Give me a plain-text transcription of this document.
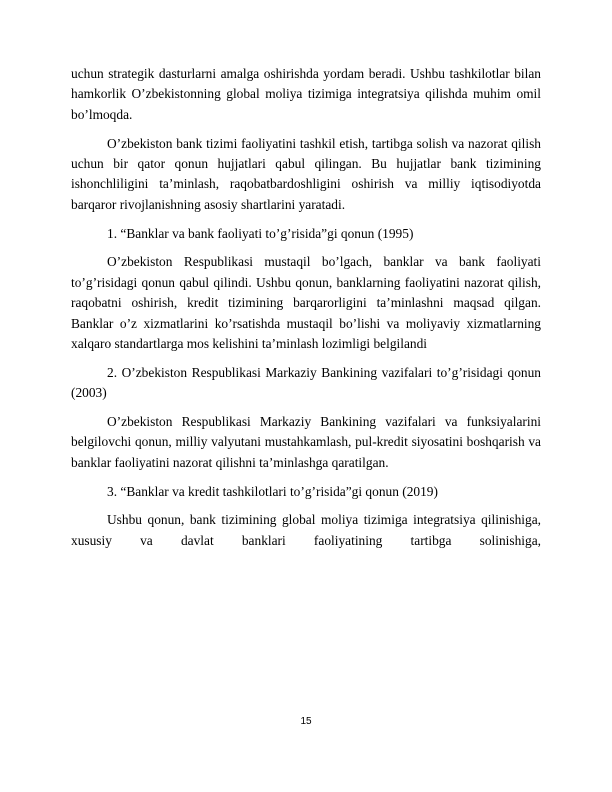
uchun strategik dasturlarni amalga oshirishda yordam beradi. Ushbu tashkilotlar bilan hamkorlik O’zbekistonning global moliya tizimiga integratsiya qilishda muhim omil bo’lmoqda.

O’zbekiston bank tizimi faoliyatini tashkil etish, tartibga solish va nazorat qilish uchun bir qator qonun hujjatlari qabul qilingan. Bu hujjatlar bank tizimining ishonchliligini ta’minlash, raqobatbardoshligini oshirish va milliy iqtisodiyotda barqaror rivojlanishning asosiy shartlarini yaratadi.

1. “Banklar va bank faoliyati to’g’risida”gi qonun (1995)

O’zbekiston Respublikasi mustaqil bo’lgach, banklar va bank faoliyati to’g’risidagi qonun qabul qilindi. Ushbu qonun, banklarning faoliyatini nazorat qilish, raqobatni oshirish, kredit tizimining barqarorligini ta’minlashni maqsad qilgan. Banklar o’z xizmatlarini ko’rsatishda mustaqil bo’lishi va moliyaviy xizmatlarning xalqaro standartlarga mos kelishini ta’minlash lozimligi belgilandi

2. O’zbekiston Respublikasi Markaziy Bankining vazifalari to’g’risidagi qonun (2003)

O’zbekiston Respublikasi Markaziy Bankining vazifalari va funksiyalarini belgilovchi qonun, milliy valyutani mustahkamlash, pul-kredit siyosatini boshqarish va banklar faoliyatini nazorat qilishni ta’minlashga qaratilgan.

3. “Banklar va kredit tashkilotlari to’g’risida”gi qonun (2019)

Ushbu qonun, bank tizimining global moliya tizimiga integratsiya qilinishiga, xususiy va davlat banklari faoliyatining tartibga solinishiga,

15
